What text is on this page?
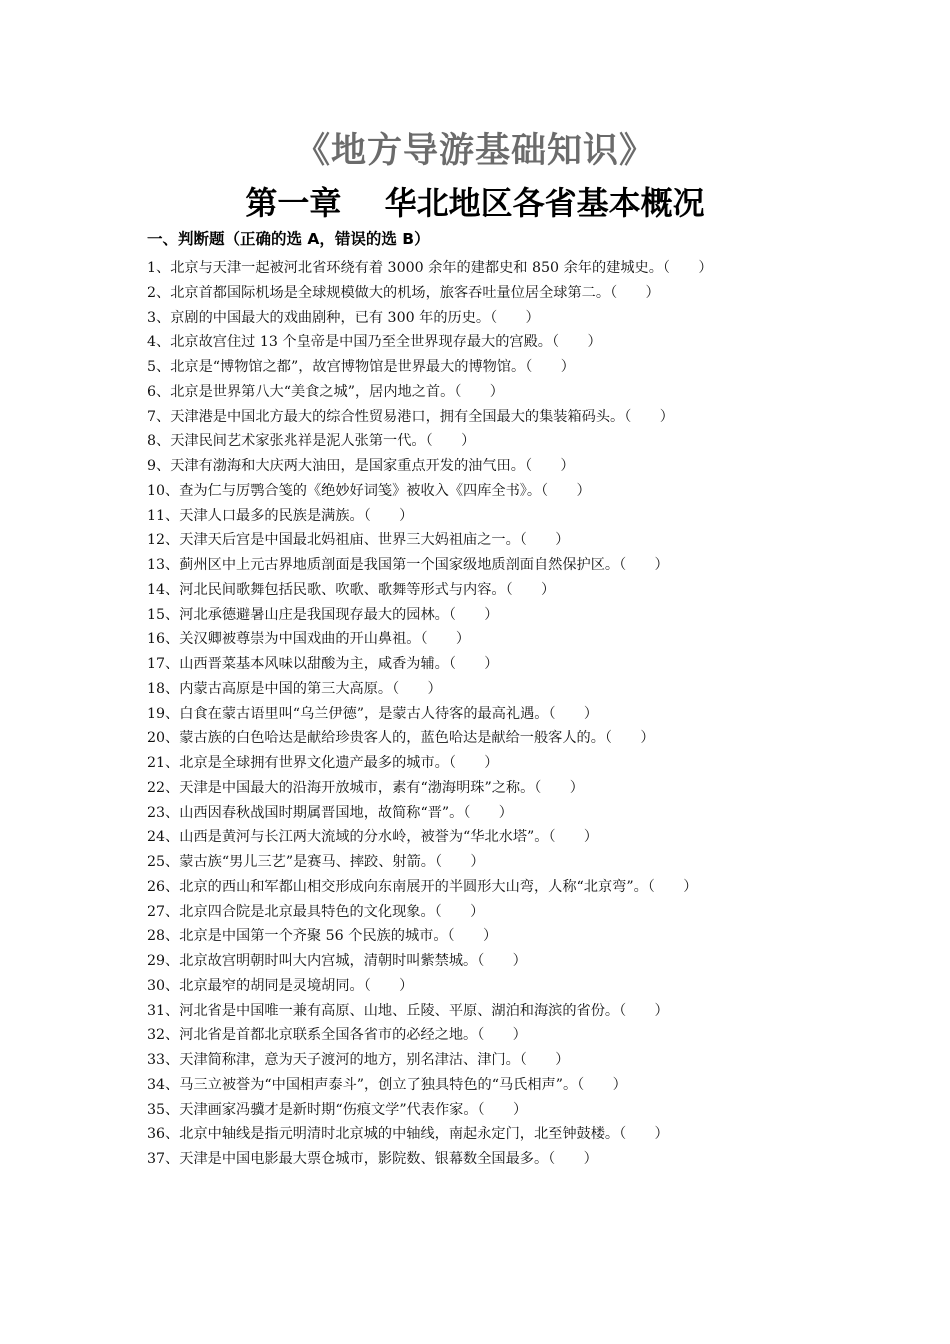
《地方导游基础知识》
第一章　 华北地区各省基本概况
一、判断题（正确的选 A，错误的选 B）
1、北京与天津一起被河北省环绕有着 3000 余年的建都史和 850 余年的建城史。（　　）
2、北京首都国际机场是全球规模做大的机场，旅客吞吐量位居全球第二。（　　）
3、京剧的中国最大的戏曲剧种，已有 300 年的历史。（　　）
4、北京故宫住过 13 个皇帝是中国乃至全世界现存最大的宫殿。（　　）
5、北京是“博物馆之都”，故宫博物馆是世界最大的博物馆。（　　）
6、北京是世界第八大“美食之城”，居内地之首。（　　）
7、天津港是中国北方最大的综合性贸易港口，拥有全国最大的集装箱码头。（　　）
8、天津民间艺术家张兆祥是泥人张第一代。（　　）
9、天津有渤海和大庆两大油田，是国家重点开发的油气田。（　　）
10、查为仁与厉鹗合笺的《绝妙好词笺》被收入《四库全书》。（　　）
11、天津人口最多的民族是满族。（　　）
12、天津天后宫是中国最北妈祖庙、世界三大妈祖庙之一。（　　）
13、蓟州区中上元古界地质剖面是我国第一个国家级地质剖面自然保护区。（　　）
14、河北民间歌舞包括民歌、吹歌、歌舞等形式与内容。（　　）
15、河北承德避暑山庄是我国现存最大的园林。（　　）
16、关汉卿被尊崇为中国戏曲的开山鼻祖。（　　）
17、山西晋菜基本风味以甜酸为主，咸香为辅。（　　）
18、内蒙古高原是中国的第三大高原。（　　）
19、白食在蒙古语里叫“乌兰伊德”，是蒙古人待客的最高礼遇。（　　）
20、蒙古族的白色哈达是献给珍贵客人的，蓝色哈达是献给一般客人的。（　　）
21、北京是全球拥有世界文化遗产最多的城市。（　　）
22、天津是中国最大的沿海开放城市，素有“渤海明珠”之称。（　　）
23、山西因春秋战国时期属晋国地，故简称“晋”。（　　）
24、山西是黄河与长江两大流域的分水岭，被誉为“华北水塔”。（　　）
25、蒙古族“男儿三艺”是赛马、摔跤、射箭。（　　）
26、北京的西山和军都山相交形成向东南展开的半圆形大山弯，人称“北京弯”。（　　）
27、北京四合院是北京最具特色的文化现象。（　　）
28、北京是中国第一个齐聚 56 个民族的城市。（　　）
29、北京故宫明朝时叫大内宫城，清朝时叫紫禁城。（　　）
30、北京最窄的胡同是灵境胡同。（　　）
31、河北省是中国唯一兼有高原、山地、丘陵、平原、湖泊和海滨的省份。（　　）
32、河北省是首都北京联系全国各省市的必经之地。（　　）
33、天津简称津，意为天子渡河的地方，别名津沽、津门。（　　）
34、马三立被誉为“中国相声泰斗”，创立了独具特色的“马氏相声”。（　　）
35、天津画家冯骥才是新时期“伤痕文学”代表作家。（　　）
36、北京中轴线是指元明清时北京城的中轴线，南起永定门，北至钟鼓楼。（　　）
37、天津是中国电影最大票仓城市，影院数、银幕数全国最多。（　　）
